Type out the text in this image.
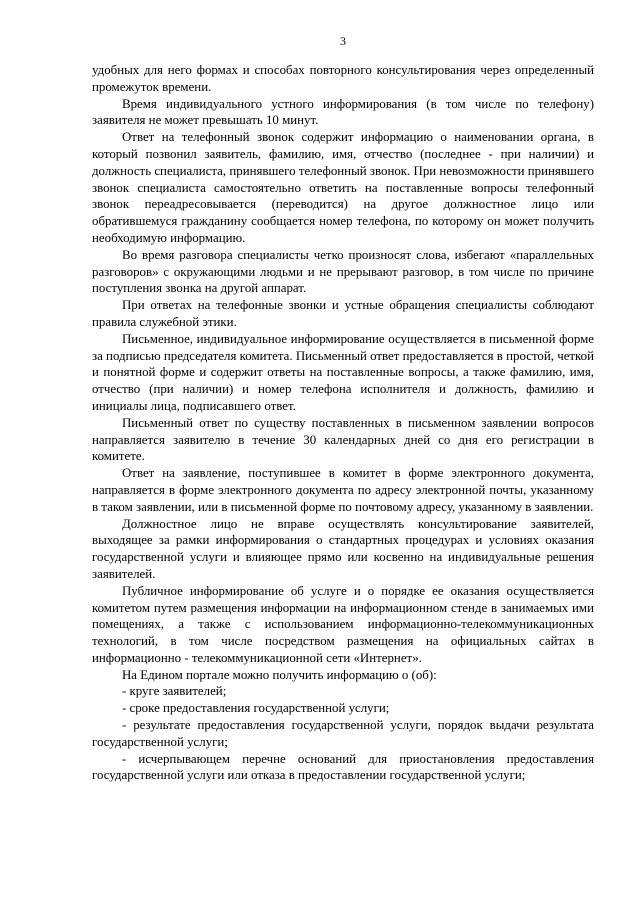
3

удобных для него формах и способах повторного консультирования через определенный промежуток времени.

Время индивидуального устного информирования (в том числе по телефону) заявителя не может превышать 10 минут.

Ответ на телефонный звонок содержит информацию о наименовании органа, в который позвонил заявитель, фамилию, имя, отчество (последнее - при наличии) и должность специалиста, принявшего телефонный звонок. При невозможности принявшего звонок специалиста самостоятельно ответить на поставленные вопросы телефонный звонок переадресовывается (переводится) на другое должностное лицо или обратившемуся гражданину сообщается номер телефона, по которому он может получить необходимую информацию.

Во время разговора специалисты четко произносят слова, избегают «параллельных разговоров» с окружающими людьми и не прерывают разговор, в том числе по причине поступления звонка на другой аппарат.

При ответах на телефонные звонки и устные обращения специалисты соблюдают правила служебной этики.

Письменное, индивидуальное информирование осуществляется в письменной форме за подписью председателя комитета. Письменный ответ предоставляется в простой, четкой и понятной форме и содержит ответы на поставленные вопросы, а также фамилию, имя, отчество (при наличии) и номер телефона исполнителя и должность, фамилию и инициалы лица, подписавшего ответ.

Письменный ответ по существу поставленных в письменном заявлении вопросов направляется заявителю в течение 30 календарных дней со дня его регистрации в комитете.

Ответ на заявление, поступившее в комитет в форме электронного документа, направляется в форме электронного документа по адресу электронной почты, указанному в таком заявлении, или в письменной форме по почтовому адресу, указанному в заявлении.

Должностное лицо не вправе осуществлять консультирование заявителей, выходящее за рамки информирования о стандартных процедурах и условиях оказания государственной услуги и влияющее прямо или косвенно на индивидуальные решения заявителей.

Публичное информирование об услуге и о порядке ее оказания осуществляется комитетом путем размещения информации на информационном стенде в занимаемых ими помещениях, а также с использованием информационно-телекоммуникационных технологий, в том числе посредством размещения на официальных сайтах в информационно - телекоммуникационной сети «Интернет».

На Едином портале можно получить информацию о (об):

- круге заявителей;

- сроке предоставления государственной услуги;

- результате предоставления государственной услуги, порядок выдачи результата государственной услуги;

- исчерпывающем перечне оснований для приостановления предоставления государственной услуги или отказа в предоставлении государственной услуги;
